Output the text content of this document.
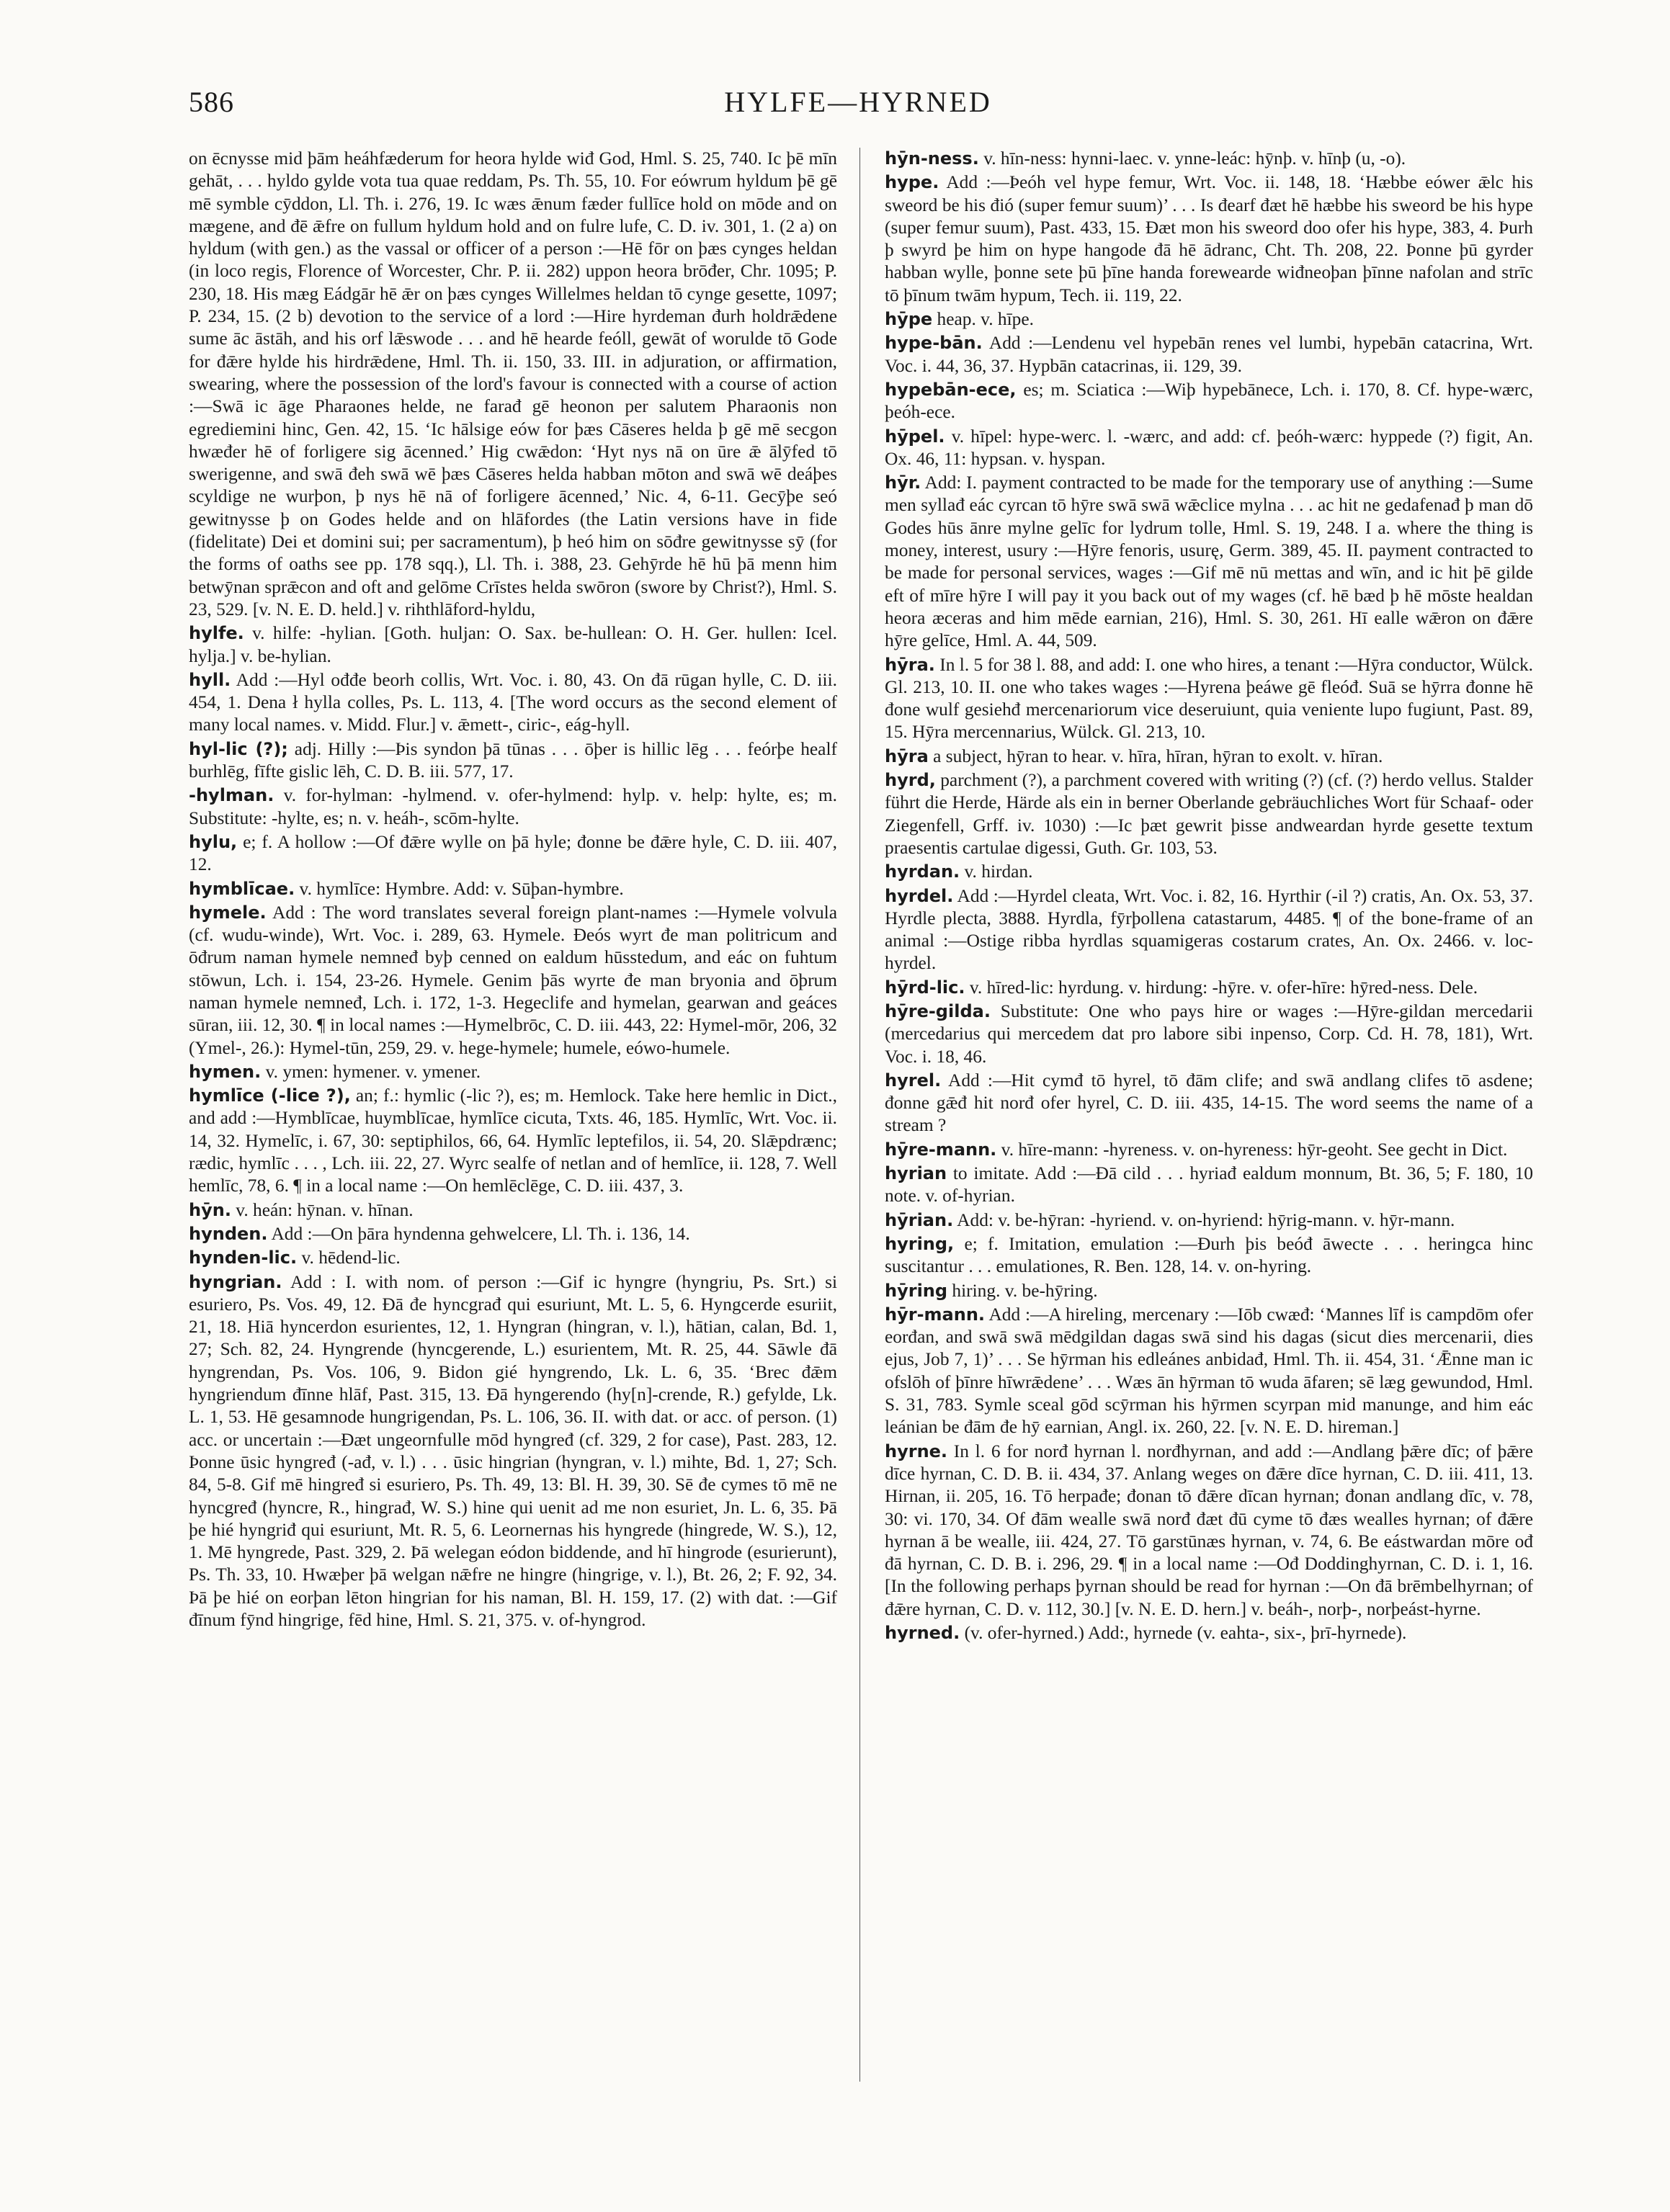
586	HYLFE—HYRNED

on ēcnysse mid þām heáhfæderum for heora hylde wiđ God, Hml. S. 25, 740. Ic þē mīn gehāt, . . . hyldo gylde vota tua quae reddam, Ps. Th. 55, 10. For eówrum hyldum þē gē mē symble cȳddon, Ll. Th. i. 276, 19. Ic wæs ǣnum fæder fullīce hold on mōde and on mægene, and đē ǣfre on fullum hyldum hold and on fulre lufe, C. D. iv. 301, 1. (2 a) on hyldum (with gen.) as the vassal or officer of a person :—Hē fōr on þæs cynges heldan (in loco regis, Florence of Worcester, Chr. P. ii. 282) uppon heora brōđer, Chr. 1095; P. 230, 18. His mæg Eádgār hē ǣr on þæs cynges Willelmes heldan tō cynge gesette, 1097; P. 234, 15. (2 b) devotion to the service of a lord :—Hire hyrdeman đurh holdrǣdene sume āc āstāh, and his orf lǣswode . . . and hē hearde feóll, gewāt of worulde tō Gode for đǣre hylde his hirdrǣdene, Hml. Th. ii. 150, 33. III. in adjuration, or affirmation, swearing, where the possession of the lord's favour is connected with a course of action :—Swā ic āge Pharaones helde, ne farađ gē heonon per salutem Pharaonis non egrediemini hinc, Gen. 42, 15. ‘Ic hālsige eów for þæs Cāseres helda þ gē mē secgon hwæđer hē of forligere sig ācenned.’ Hig cwǣdon: ‘Hyt nys nā on ūre ǣ ālȳfed tō swerigenne, and swā đeh swā wē þæs Cāseres helda habban mōton and swā wē deáþes scyldige ne wurþon, þ nys hē nā of forligere ācenned,’ Nic. 4, 6-11. Gecȳþe seó gewitnysse þ on Godes helde and on hlāfordes (the Latin versions have in fide (fidelitate) Dei et domini sui; per sacramentum), þ heó him on sōđre gewitnysse sȳ (for the forms of oaths see pp. 178 sqq.), Ll. Th. i. 388, 23. Gehȳrde hē hū þā menn him betwȳnan sprǣcon and oft and gelōme Crīstes helda swōron (swore by Christ?), Hml. S. 23, 529. [v. N. E. D. held.] v. rihthlāford-hyldu,

hylfe. v. hilfe: -hylian. [Goth. huljan: O. Sax. be-hullean: O. H. Ger. hullen: Icel. hylja.] v. be-hylian.

hyll. Add :—Hyl ođđe beorh collis, Wrt. Voc. i. 80, 43. On đā rūgan hylle, C. D. iii. 454, 1. Dena ł hylla colles, Ps. L. 113, 4. [The word occurs as the second element of many local names. v. Midd. Flur.] v. ǣmett-, ciric-, eág-hyll.

hyl-lic (?); adj. Hilly :—Þis syndon þā tūnas . . . ōþer is hillic lēg . . . feórþe healf burhlēg, fīfte gislic lēh, C. D. B. iii. 577, 17.

-hylman. v. for-hylman: -hylmend. v. ofer-hylmend: hylp. v. help: hylte, es; m. Substitute: -hylte, es; n. v. heáh-, scōm-hylte.

hylu, e; f. A hollow :—Of đǣre wylle on þā hyle; đonne be đǣre hyle, C. D. iii. 407, 12.

hymblīcae. v. hymlīce: Hymbre. Add: v. Sūþan-hymbre.

hymele. Add : The word translates several foreign plant-names :—Hymele volvula (cf. wudu-winde), Wrt. Voc. i. 289, 63. Hymele. Đeós wyrt đe man politricum and ōđrum naman hymele nemneđ byþ cenned on ealdum hūsstedum, and eác on fuhtum stōwun, Lch. i. 154, 23-26. Hymele. Genim þās wyrte đe man bryonia and ōþrum naman hymele nemneđ, Lch. i. 172, 1-3. Hegeclife and hymelan, gearwan and geáces sūran, iii. 12, 30. ¶ in local names :—Hymelbrōc, C. D. iii. 443, 22: Hymel-mōr, 206, 32 (Ymel-, 26.): Hymel-tūn, 259, 29. v. hege-hymele; humele, eówo-humele.

hymen. v. ymen: hymener. v. ymener.

hymlīce (-lice ?), an; f.: hymlic (-lic ?), es; m. Hemlock. Take here hemlic in Dict., and add :—Hymblīcae, huymblīcae, hymlīce cicuta, Txts. 46, 185. Hymlīc, Wrt. Voc. ii. 14, 32. Hymelīc, i. 67, 30: septiphilos, 66, 64. Hymlīc leptefilos, ii. 54, 20. Slǣpdrænc; rædic, hymlīc . . . , Lch. iii. 22, 27. Wyrc sealfe of netlan and of hemlīce, ii. 128, 7. Well hemlīc, 78, 6. ¶ in a local name :—On hemlēclēge, C. D. iii. 437, 3.

hȳn. v. heán: hȳnan. v. hīnan.

hynden. Add :—On þāra hyndenna gehwelcere, Ll. Th. i. 136, 14.

hynden-lic. v. hēdend-lic.

hyngrian. Add : I. with nom. of person :—Gif ic hyngre (hyngriu, Ps. Srt.) si esuriero, Ps. Vos. 49, 12. Đā đe hyncgrađ qui esuriunt, Mt. L. 5, 6. Hyngcerde esuriit, 21, 18. Hiā hyncerdon esurientes, 12, 1. Hyngran (hingran, v. l.), hātian, calan, Bd. 1, 27; Sch. 82, 24. Hyngrende (hyncgerende, L.) esurientem, Mt. R. 25, 44. Sāwle đā hyngrendan, Ps. Vos. 106, 9. Bidon gié hyngrendo, Lk. L. 6, 35. ‘Brec đǣm hyngriendum đīnne hlāf, Past. 315, 13. Đā hyngerendo (hy[n]-crende, R.) gefylde, Lk. L. 1, 53. Hē gesamnode hungrigendan, Ps. L. 106, 36. II. with dat. or acc. of person. (1) acc. or uncertain :—Đæt ungeornfulle mōd hyngređ (cf. 329, 2 for case), Past. 283, 12. Þonne ūsic hyngređ (-ađ, v. l.) . . . ūsic hingrian (hyngran, v. l.) mihte, Bd. 1, 27; Sch. 84, 5-8. Gif mē hingređ si esuriero, Ps. Th. 49, 13: Bl. H. 39, 30. Sē đe cymes tō mē ne hyncgređ (hyncre, R., hingrađ, W. S.) hine qui uenit ad me non esuriet, Jn. L. 6, 35. Þā þe hié hyngriđ qui esuriunt, Mt. R. 5, 6. Leornernas his hyngrede (hingrede, W. S.), 12, 1. Mē hyngrede, Past. 329, 2. Þā welegan eódon biddende, and hī hingrode (esurierunt), Ps. Th. 33, 10. Hwæþer þā welgan nǣfre ne hingre (hingrige, v. l.), Bt. 26, 2; F. 92, 34. Þā þe hié on eorþan lēton hingrian for his naman, Bl. H. 159, 17. (2) with dat. :—Gif đīnum fȳnd hingrige, fēd hine, Hml. S. 21, 375. v. of-hyngrod.

hȳn-ness. v. hīn-ness: hynni-laec. v. ynne-leác: hȳnþ. v. hīnþ (u, -o).

hype. Add :—Þeóh vel hype femur, Wrt. Voc. ii. 148, 18. ‘Hæbbe eówer ǣlc his sweord be his đió (super femur suum)’ . . . Is đearf đæt hē hæbbe his sweord be his hype (super femur suum), Past. 433, 15. Đæt mon his sweord doo ofer his hype, 383, 4. Þurh þ swyrd þe him on hype hangode đā hē ādranc, Cht. Th. 208, 22. Þonne þū gyrder habban wylle, þonne sete þū þīne handa forewearde wiđneoþan þīnne nafolan and strīc tō þīnum twām hypum, Tech. ii. 119, 22.

hȳpe heap. v. hīpe.

hype-bān. Add :—Lendenu vel hypebān renes vel lumbi, hypebān catacrina, Wrt. Voc. i. 44, 36, 37. Hypbān catacrinas, ii. 129, 39.

hypebān-ece, es; m. Sciatica :—Wiþ hypebānece, Lch. i. 170, 8. Cf. hype-wærc, þeóh-ece.

hȳpel. v. hīpel: hype-werc. l. -wærc, and add: cf. þeóh-wærc: hyppede (?) figit, An. Ox. 46, 11: hypsan. v. hyspan.

hȳr. Add: I. payment contracted to be made for the temporary use of anything :—Sume men syllađ eác cyrcan tō hȳre swā swā wǣclice mylna . . . ac hit ne gedafenađ þ man dō Godes hūs ānre mylne gelīc for lydrum tolle, Hml. S. 19, 248. I a. where the thing is money, interest, usury :—Hȳre fenoris, usurę, Germ. 389, 45. II. payment contracted to be made for personal services, wages :—Gif mē nū mettas and wīn, and ic hit þē gilde eft of mīre hȳre I will pay it you back out of my wages (cf. hē bæd þ hē mōste healdan heora æceras and him mēde earnian, 216), Hml. S. 30, 261. Hī ealle wǣron on đǣre hȳre gelīce, Hml. A. 44, 509.

hȳra. In l. 5 for 38 l. 88, and add: I. one who hires, a tenant :—Hȳra conductor, Wülck. Gl. 213, 10. II. one who takes wages :—Hyrena þeáwe gē fleóđ. Suā se hȳrra đonne hē đone wulf gesiehđ mercenariorum vice deseruiunt, quia veniente lupo fugiunt, Past. 89, 15. Hȳra mercennarius, Wülck. Gl. 213, 10.

hȳra a subject, hȳran to hear. v. hīra, hīran, hȳran to exolt. v. hīran.

hyrd, parchment (?), a parchment covered with writing (?) (cf. (?) herdo vellus. Stalder führt die Herde, Härde als ein in berner Oberlande gebräuchliches Wort für Schaaf- oder Ziegenfell, Grff. iv. 1030) :—Ic þæt gewrit þisse andweardan hyrde gesette textum praesentis cartulae digessi, Guth. Gr. 103, 53.

hyrdan. v. hirdan.

hyrdel. Add :—Hyrdel cleata, Wrt. Voc. i. 82, 16. Hyrthir (-il ?) cratis, An. Ox. 53, 37. Hyrdle plecta, 3888. Hyrdla, fȳrþollena catastarum, 4485. ¶ of the bone-frame of an animal :—Ostige ribba hyrdlas squamigeras costarum crates, An. Ox. 2466. v. loc-hyrdel.

hȳrd-lic. v. hīred-lic: hyrdung. v. hirdung: -hȳre. v. ofer-hīre: hȳred-ness. Dele.

hȳre-gilda. Substitute: One who pays hire or wages :—Hȳre-gildan mercedarii (mercedarius qui mercedem dat pro labore sibi inpenso, Corp. Cd. H. 78, 181), Wrt. Voc. i. 18, 46.

hyrel. Add :—Hit cymđ tō hyrel, tō đām clife; and swā andlang clifes tō asdene; đonne gǣđ hit norđ ofer hyrel, C. D. iii. 435, 14-15. The word seems the name of a stream ?

hȳre-mann. v. hīre-mann: -hyreness. v. on-hyreness: hȳr-geoht. See gecht in Dict.

hyrian to imitate. Add :—Đā cild . . . hyriađ ealdum monnum, Bt. 36, 5; F. 180, 10 note. v. of-hyrian.

hȳrian. Add: v. be-hȳran: -hyriend. v. on-hyriend: hȳrig-mann. v. hȳr-mann.

hyring, e; f. Imitation, emulation :—Đurh þis beóđ āwecte . . . heringca hinc suscitantur . . . emulationes, R. Ben. 128, 14. v. on-hyring.

hȳring hiring. v. be-hȳring.

hȳr-mann. Add :—A hireling, mercenary :—Iōb cwæđ: ‘Mannes līf is campdōm ofer eorđan, and swā swā mēdgildan dagas swā sind his dagas (sicut dies mercenarii, dies ejus, Job 7, 1)’ . . . Se hȳrman his edleánes anbidađ, Hml. Th. ii. 454, 31. ‘Ǣnne man ic ofslōh of þīnre hīwrǣdene’ . . . Wæs ān hȳrman tō wuda āfaren; sē læg gewundod, Hml. S. 31, 783. Symle sceal gōd scȳrman his hȳrmen scyrpan mid manunge, and him eác leánian be đām đe hȳ earnian, Angl. ix. 260, 22. [v. N. E. D. hireman.]

hyrne. In l. 6 for norđ hyrnan l. norđhyrnan, and add :—Andlang þǣre dīc; of þǣre dīce hyrnan, C. D. B. ii. 434, 37. Anlang weges on đǣre dīce hyrnan, C. D. iii. 411, 13. Hirnan, ii. 205, 16. Tō herpađe; đonan tō đǣre dīcan hyrnan; đonan andlang dīc, v. 78, 30: vi. 170, 34. Of đām wealle swā norđ đæt đū cyme tō đæs wealles hyrnan; of đǣre hyrnan ā be wealle, iii. 424, 27. Tō garstūnæs hyrnan, v. 74, 6. Be eástwardan mōre ođ đā hyrnan, C. D. B. i. 296, 29. ¶ in a local name :—Ođ Doddinghyrnan, C. D. i. 1, 16. [In the following perhaps þyrnan should be read for hyrnan :—On đā brēmbelhyrnan; of đǣre hyrnan, C. D. v. 112, 30.] [v. N. E. D. hern.] v. beáh-, norþ-, norþeást-hyrne.

hyrned. (v. ofer-hyrned.) Add:, hyrnede (v. eahta-, six-, þrī-hyrnede).
